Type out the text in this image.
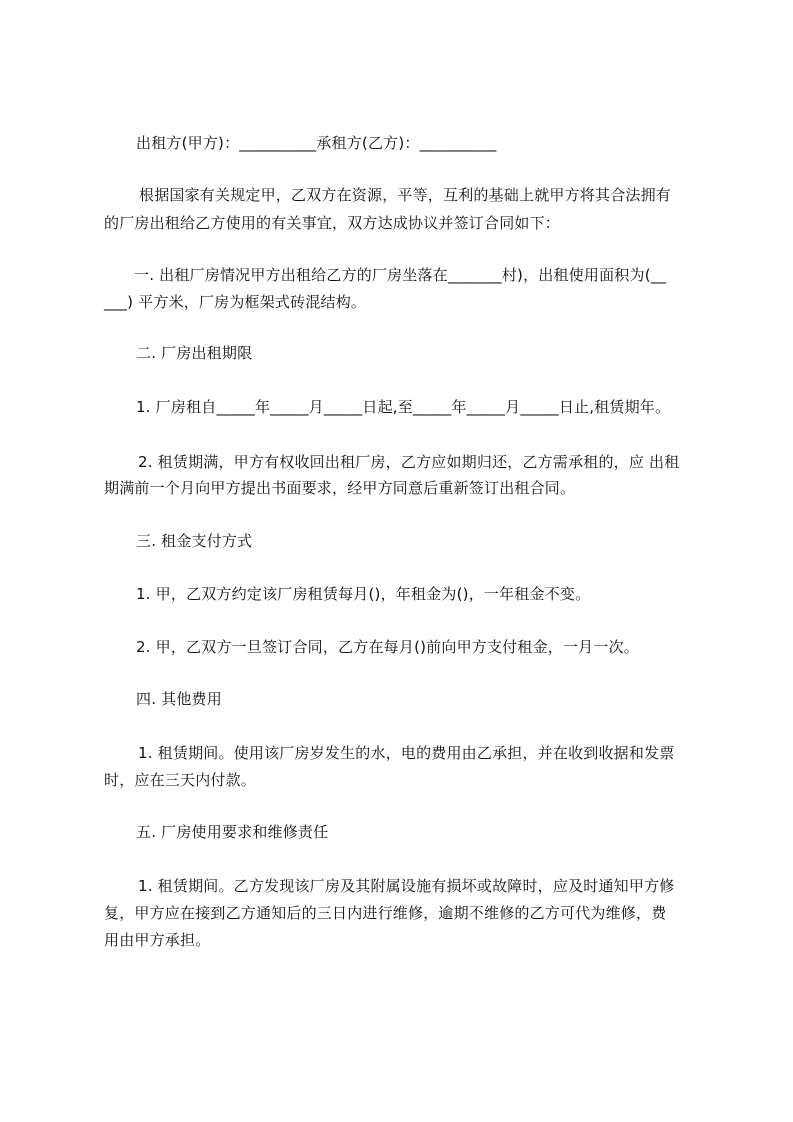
出租方(甲方)：__________承租方(乙方)：__________
根据国家有关规定甲，乙双方在资源，平等，互利的基础上就甲方将其合法拥有
的厂房出租给乙方使用的有关事宜，双方达成协议并签订合同如下：
一. 出租厂房情况甲方出租给乙方的厂房坐落在_______村)，出租使用面积为(__
___) 平方米，厂房为框架式砖混结构。
二. 厂房出租期限
1. 厂房租自_____年_____月_____日起,至_____年_____月_____日止,租赁期年。
2. 租赁期满，甲方有权收回出租厂房，乙方应如期归还，乙方需承租的，应 出租
期满前一个月向甲方提出书面要求，经甲方同意后重新签订出租合同。
三. 租金支付方式
1. 甲，乙双方约定该厂房租赁每月()，年租金为()，一年租金不变。
2. 甲，乙双方一旦签订合同，乙方在每月()前向甲方支付租金，一月一次。
四. 其他费用
1. 租赁期间。使用该厂房岁发生的水，电的费用由乙承担，并在收到收据和发票
时，应在三天内付款。
五. 厂房使用要求和维修责任
1. 租赁期间。乙方发现该厂房及其附属设施有损坏或故障时，应及时通知甲方修
复，甲方应在接到乙方通知后的三日内进行维修，逾期不维修的乙方可代为维修，费
用由甲方承担。
